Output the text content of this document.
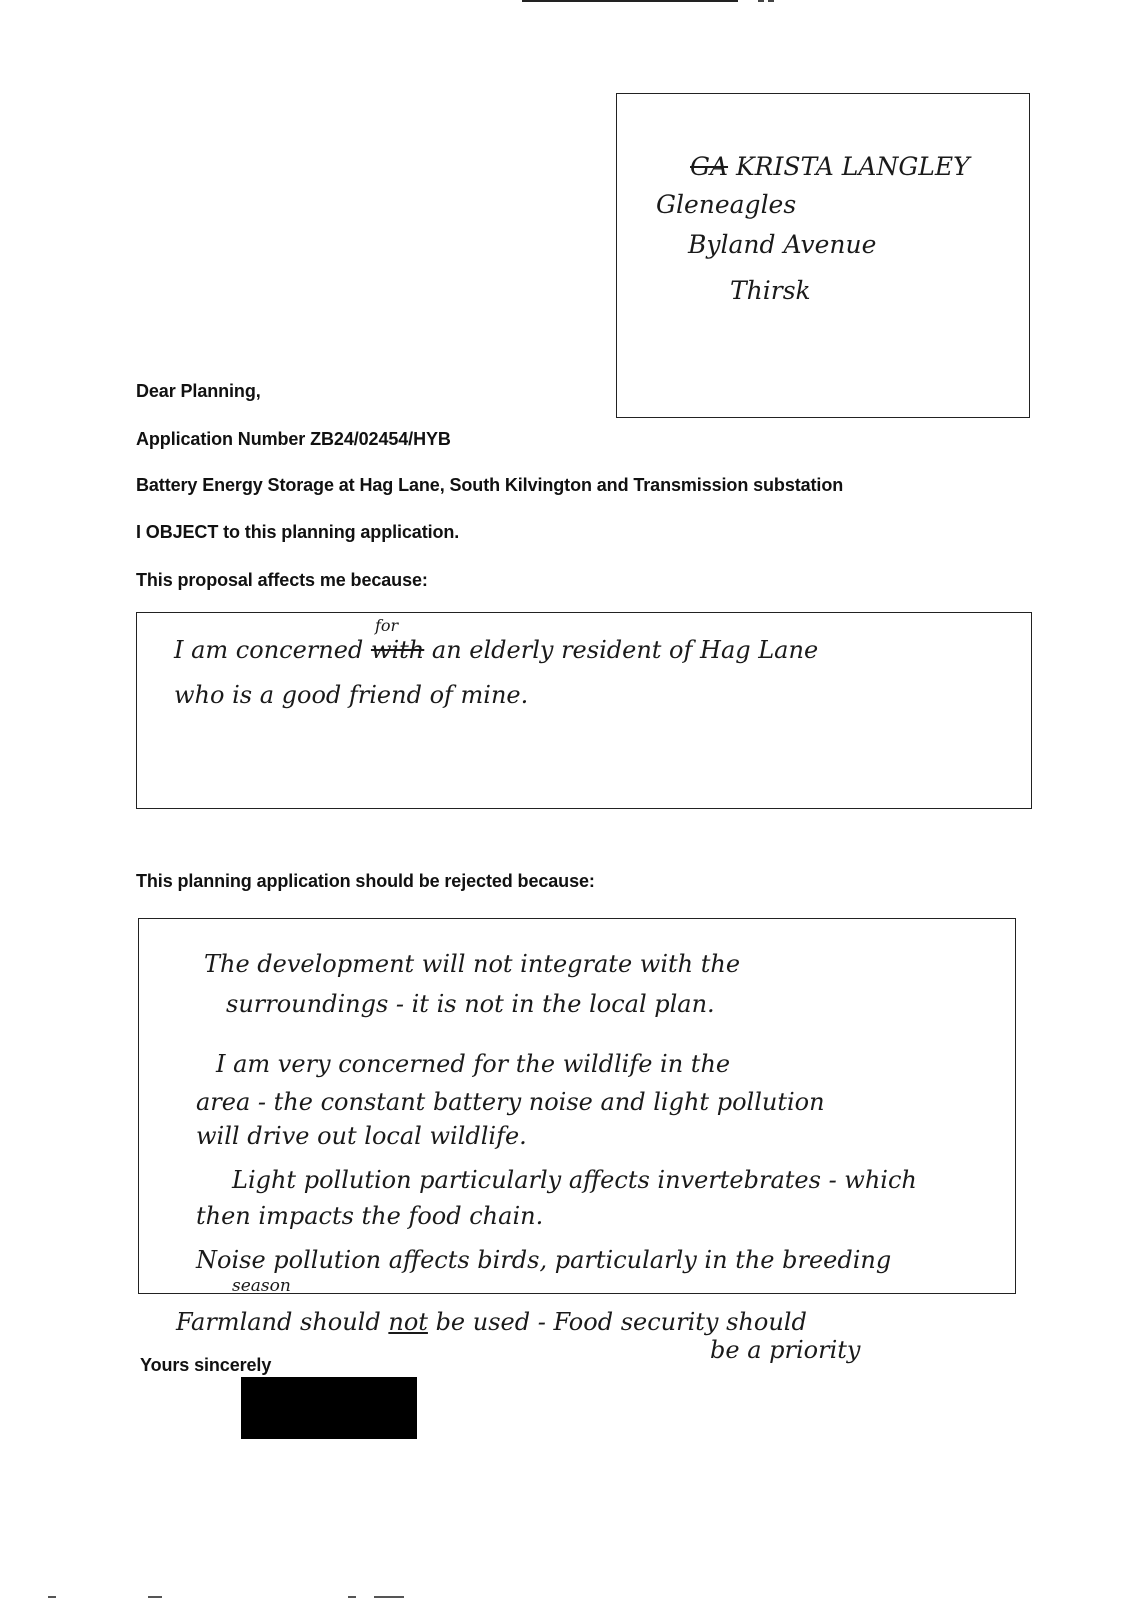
GA KRISTA LANGLEY
Gleneagles
Byland Avenue
Thirsk
Dear Planning,
Application Number ZB24/02454/HYB
Battery Energy Storage at Hag Lane, South Kilvington and Transmission substation
I OBJECT to this planning application.
This proposal affects me because:
I am concerned with
for
an elderly resident of Hag Lane
who is a good friend of mine.
This planning application should be rejected because:
The development will not integrate with the
surroundings - it is not in the local plan.
I am very concerned for the wildlife in the
area - the constant battery noise and light pollution
will drive out local wildlife.
Light pollution particularly affects invertebrates - which
then impacts the food chain.
Noise pollution affects birds, particularly in the breeding
season
Farmland should not be used - Food security should
be a priority
Yours sincerely
